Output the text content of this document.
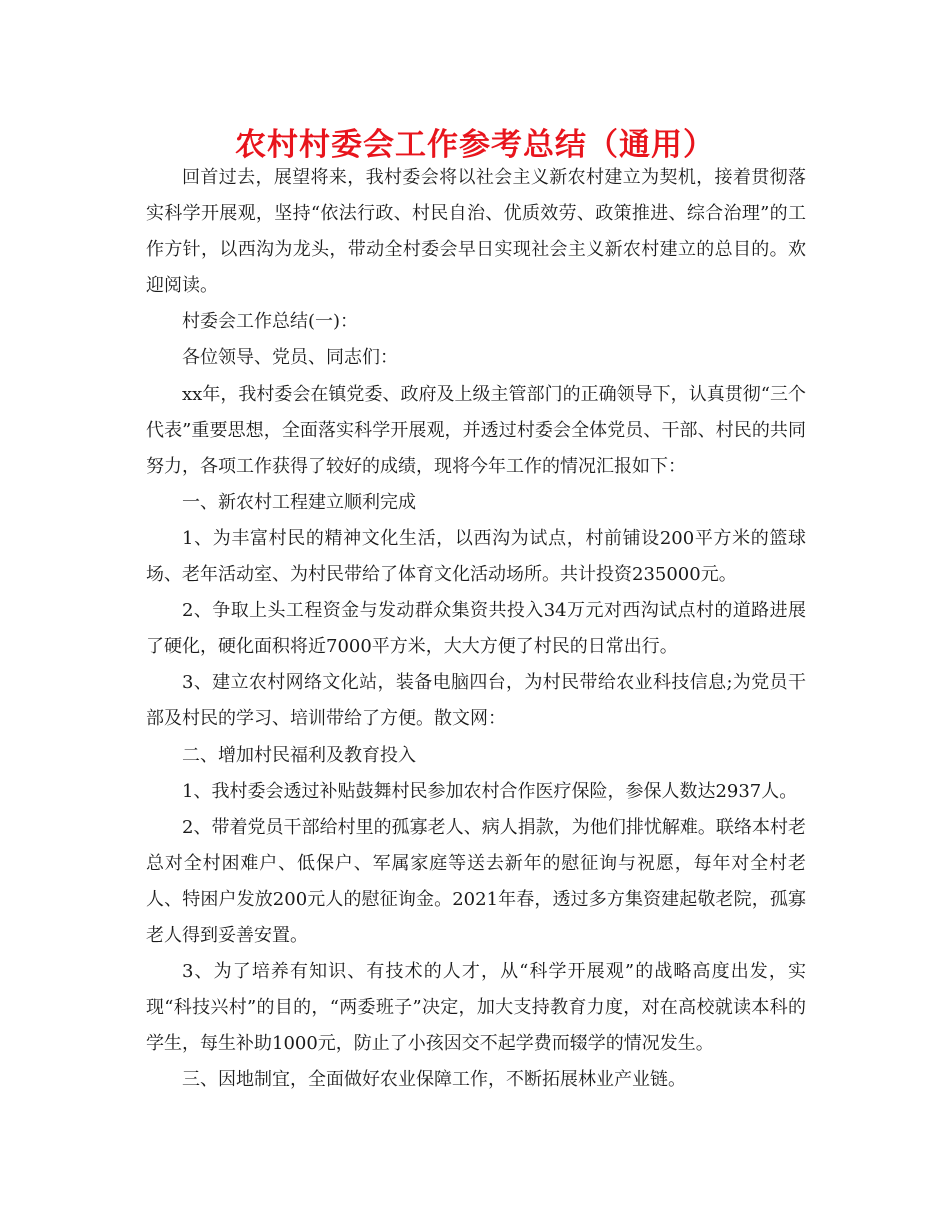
农村村委会工作参考总结（通用）

回首过去，展望将来，我村委会将以社会主义新农村建立为契机，接着贯彻落实科学开展观，坚持“依法行政、村民自治、优质效劳、政策推进、综合治理”的工作方针，以西沟为龙头，带动全村委会早日实现社会主义新农村建立的总目的。欢迎阅读。

村委会工作总结(一)：

各位领导、党员、同志们：

xx年，我村委会在镇党委、政府及上级主管部门的正确领导下，认真贯彻“三个代表”重要思想，全面落实科学开展观，并透过村委会全体党员、干部、村民的共同努力，各项工作获得了较好的成绩，现将今年工作的情况汇报如下：

一、新农村工程建立顺利完成

1、为丰富村民的精神文化生活，以西沟为试点，村前铺设200平方米的篮球场、老年活动室、为村民带给了体育文化活动场所。共计投资235000元。

2、争取上头工程资金与发动群众集资共投入34万元对西沟试点村的道路进展了硬化，硬化面积将近7000平方米，大大方便了村民的日常出行。

3、建立农村网络文化站，装备电脑四台，为村民带给农业科技信息;为党员干部及村民的学习、培训带给了方便。散文网：

二、增加村民福利及教育投入

1、我村委会透过补贴鼓舞村民参加农村合作医疗保险，参保人数达2937人。

2、带着党员干部给村里的孤寡老人、病人捐款，为他们排忧解难。联络本村老总对全村困难户、低保户、军属家庭等送去新年的慰征询与祝愿，每年对全村老人、特困户发放200元人的慰征询金。2021年春，透过多方集资建起敬老院，孤寡老人得到妥善安置。

3、为了培养有知识、有技术的人才，从“科学开展观”的战略高度出发，实现“科技兴村”的目的，“两委班子”决定，加大支持教育力度，对在高校就读本科的学生，每生补助1000元，防止了小孩因交不起学费而辍学的情况发生。

三、因地制宜，全面做好农业保障工作，不断拓展林业产业链。
